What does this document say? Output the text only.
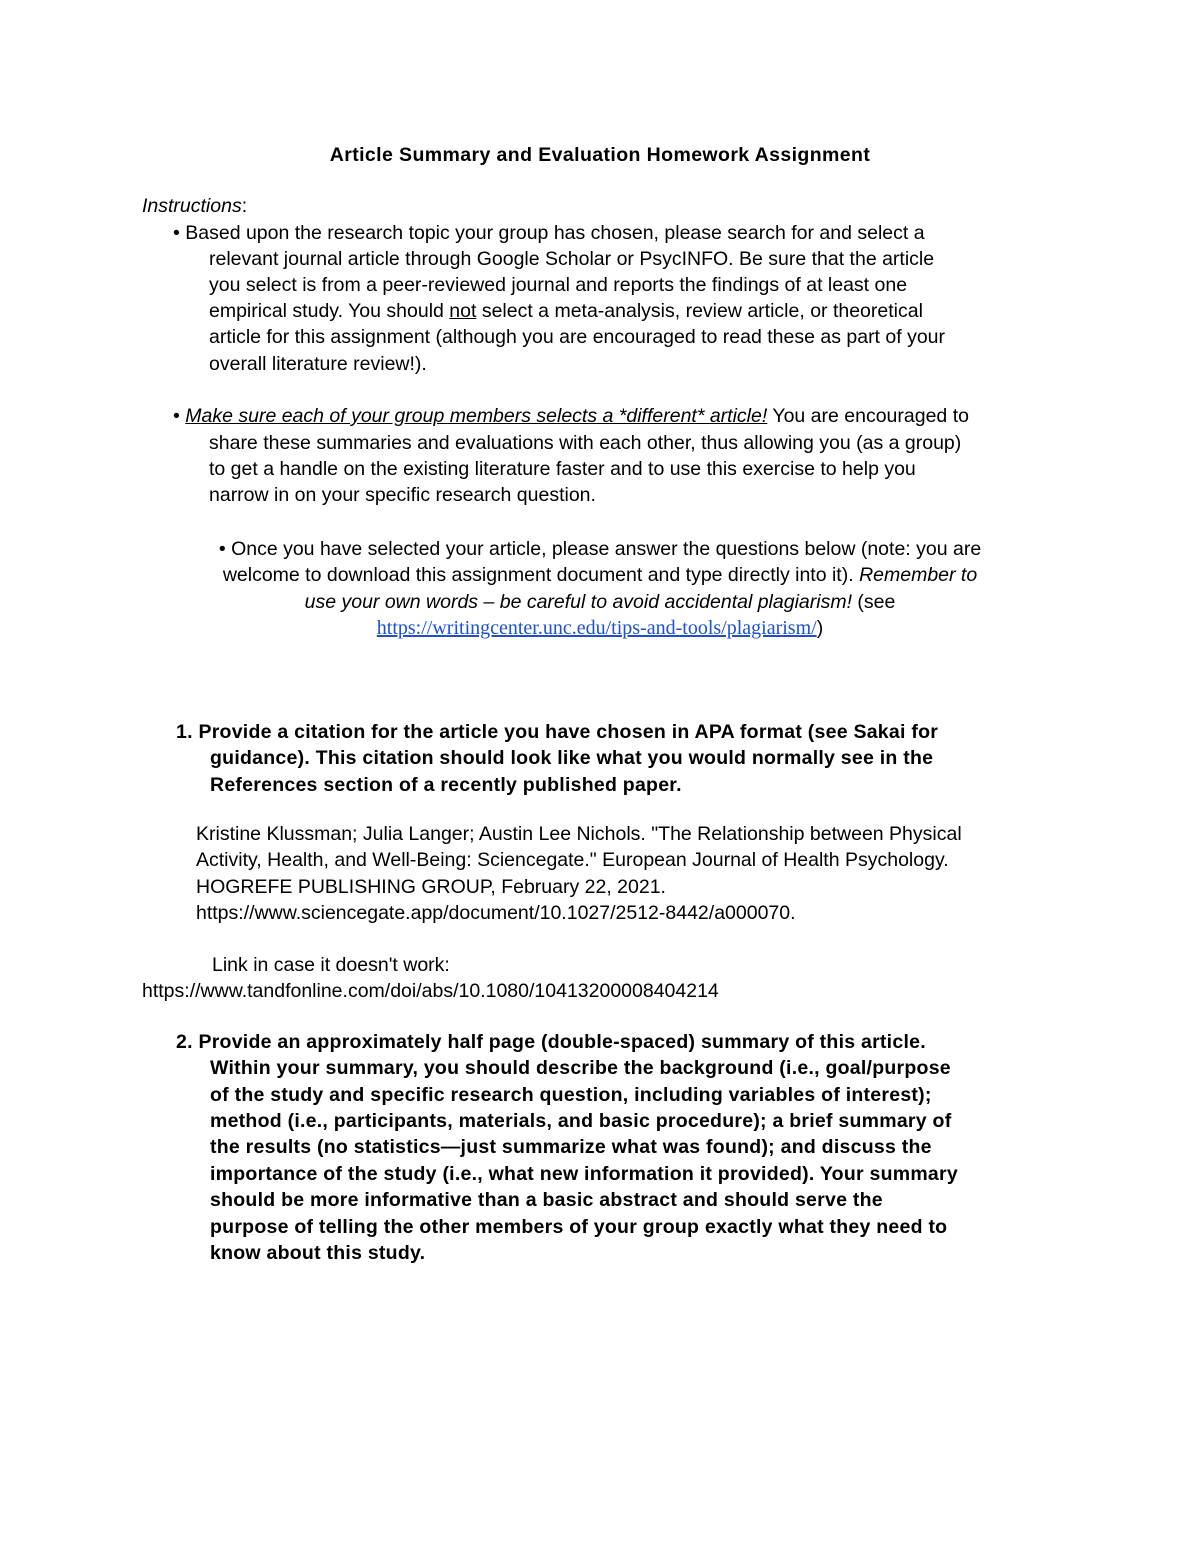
Article Summary and Evaluation Homework Assignment
Instructions:
• Based upon the research topic your group has chosen, please search for and select a
relevant journal article through Google Scholar or PsycINFO. Be sure that the article
you select is from a peer-reviewed journal and reports the findings of at least one
empirical study. You should not select a meta-analysis, review article, or theoretical
article for this assignment (although you are encouraged to read these as part of your
overall literature review!).
• Make sure each of your group members selects a *different* article! You are encouraged to
share these summaries and evaluations with each other, thus allowing you (as a group)
to get a handle on the existing literature faster and to use this exercise to help you
narrow in on your specific research question.
• Once you have selected your article, please answer the questions below (note: you are
welcome to download this assignment document and type directly into it). Remember to
use your own words – be careful to avoid accidental plagiarism! (see
https://writingcenter.unc.edu/tips-and-tools/plagiarism/)
1. Provide a citation for the article you have chosen in APA format (see Sakai for
guidance). This citation should look like what you would normally see in the
References section of a recently published paper.
Kristine Klussman; Julia Langer; Austin Lee Nichols. "The Relationship between Physical
Activity, Health, and Well-Being: Sciencegate." European Journal of Health Psychology.
HOGREFE PUBLISHING GROUP, February 22, 2021.
https://www.sciencegate.app/document/10.1027/2512-8442/a000070.
Link in case it doesn't work:
https://www.tandfonline.com/doi/abs/10.1080/10413200008404214
2. Provide an approximately half page (double-spaced) summary of this article.
Within your summary, you should describe the background (i.e., goal/purpose
of the study and specific research question, including variables of interest);
method (i.e., participants, materials, and basic procedure); a brief summary of
the results (no statistics—just summarize what was found); and discuss the
importance of the study (i.e., what new information it provided). Your summary
should be more informative than a basic abstract and should serve the
purpose of telling the other members of your group exactly what they need to
know about this study.
